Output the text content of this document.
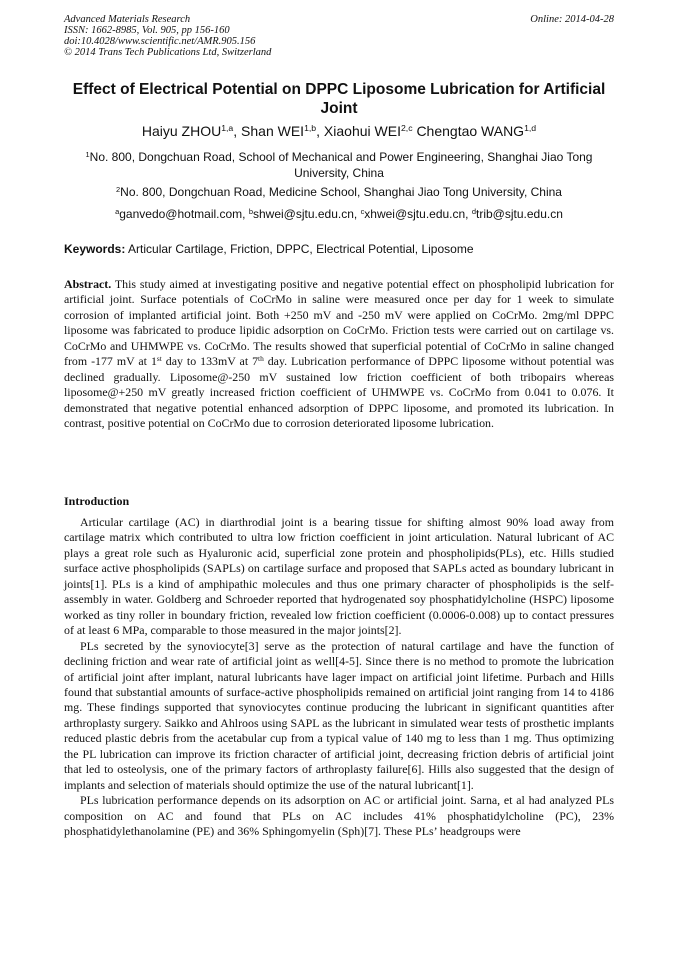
Advanced Materials Research
ISSN: 1662-8985, Vol. 905, pp 156-160
doi:10.4028/www.scientific.net/AMR.905.156
© 2014 Trans Tech Publications Ltd, Switzerland
Online: 2014-04-28
Effect of Electrical Potential on DPPC Liposome Lubrication for Artificial Joint
Haiyu ZHOU$^{1,a}$, Shan WEI$^{1,b}$, Xiaohui WEI$^{2,c}$ Chengtao WANG$^{1,d}$
$^1$No. 800, Dongchuan Road, School of Mechanical and Power Engineering, Shanghai Jiao Tong University, China
$^2$No. 800, Dongchuan Road, Medicine School, Shanghai Jiao Tong University, China
$^a$ganvedo@hotmail.com, $^b$shwei@sjtu.edu.cn, $^c$xhwei@sjtu.edu.cn, $^d$trib@sjtu.edu.cn
Keywords: Articular Cartilage, Friction, DPPC, Electrical Potential, Liposome
Abstract. This study aimed at investigating positive and negative potential effect on phospholipid lubrication for artificial joint. Surface potentials of CoCrMo in saline were measured once per day for 1 week to simulate corrosion of implanted artificial joint. Both +250 mV and -250 mV were applied on CoCrMo. 2mg/ml DPPC liposome was fabricated to produce lipidic adsorption on CoCrMo. Friction tests were carried out on cartilage vs. CoCrMo and UHMWPE vs. CoCrMo. The results showed that superficial potential of CoCrMo in saline changed from -177 mV at 1st day to 133mV at 7th day. Lubrication performance of DPPC liposome without potential was declined gradually. Liposome@-250 mV sustained low friction coefficient of both tribopairs whereas liposome@+250 mV greatly increased friction coefficient of UHMWPE vs. CoCrMo from 0.041 to 0.076. It demonstrated that negative potential enhanced adsorption of DPPC liposome, and promoted its lubrication. In contrast, positive potential on CoCrMo due to corrosion deteriorated liposome lubrication.
Introduction

Articular cartilage (AC) in diarthrodial joint is a bearing tissue for shifting almost 90% load away from cartilage matrix which contributed to ultra low friction coefficient in joint articulation. Natural lubricant of AC plays a great role such as Hyaluronic acid, superficial zone protein and phospholipids(PLs), etc. Hills studied surface active phospholipids (SAPLs) on cartilage surface and proposed that SAPLs acted as boundary lubricant in joints[1]. PLs is a kind of amphipathic molecules and thus one primary character of phospholipids is the self-assembly in water. Goldberg and Schroeder reported that hydrogenated soy phosphatidylcholine (HSPC) liposome worked as tiny roller in boundary friction, revealed low friction coefficient (0.0006-0.008) up to contact pressures of at least 6 MPa, comparable to those measured in the major joints[2].

PLs secreted by the synoviocyte[3] serve as the protection of natural cartilage and have the function of declining friction and wear rate of artificial joint as well[4-5]. Since there is no method to promote the lubrication of artificial joint after implant, natural lubricants have lager impact on artificial joint lifetime. Purbach and Hills found that substantial amounts of surface-active phospholipids remained on artificial joint ranging from 14 to 4186 mg. These findings supported that synoviocytes continue producing the lubricant in significant quantities after arthroplasty surgery. Saikko and Ahlroos using SAPL as the lubricant in simulated wear tests of prosthetic implants reduced plastic debris from the acetabular cup from a typical value of 140 mg to less than 1 mg. Thus optimizing the PL lubrication can improve its friction character of artificial joint, decreasing friction debris of artificial joint that led to osteolysis, one of the primary factors of arthroplasty failure[6]. Hills also suggested that the design of implants and selection of materials should optimize the use of the natural lubricant[1].

PLs lubrication performance depends on its adsorption on AC or artificial joint. Sarna, et al had analyzed PLs composition on AC and found that PLs on AC includes 41% phosphatidylcholine (PC), 23% phosphatidylethanolamine (PE) and 36% Sphingomyelin (Sph)[7]. These PLs’ headgroups were
